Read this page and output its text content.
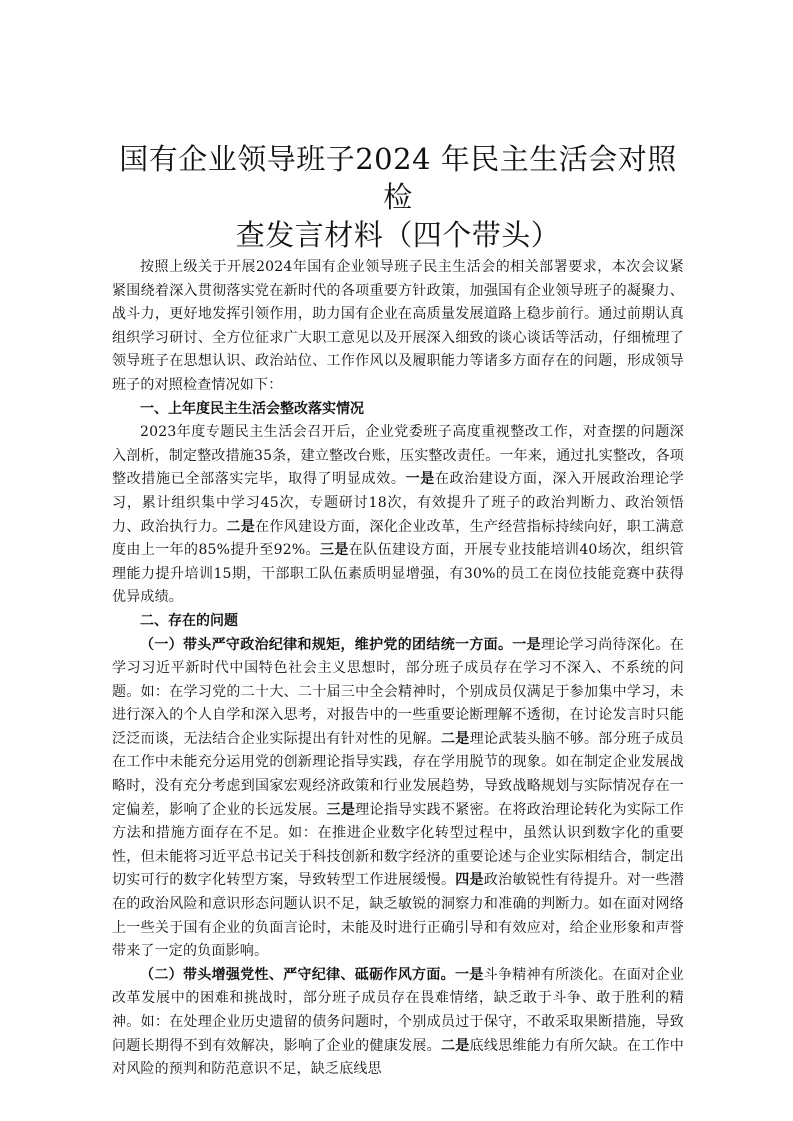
国有企业领导班子2024 年民主生活会对照检
查发言材料（四个带头）

按照上级关于开展2024年国有企业领导班子民主生活会的相关部署要求，本次会议紧紧围绕着深入贯彻落实党在新时代的各项重要方针政策，加强国有企业领导班子的凝聚力、战斗力，更好地发挥引领作用，助力国有企业在高质量发展道路上稳步前行。通过前期认真组织学习研讨、全方位征求广大职工意见以及开展深入细致的谈心谈话等活动，仔细梳理了领导班子在思想认识、政治站位、工作作风以及履职能力等诸多方面存在的问题，形成领导班子的对照检查情况如下：

一、上年度民主生活会整改落实情况

2023年度专题民主生活会召开后，企业党委班子高度重视整改工作，对查摆的问题深入剖析，制定整改措施35条，建立整改台账，压实整改责任。一年来，通过扎实整改，各项整改措施已全部落实完毕，取得了明显成效。一是在政治建设方面，深入开展政治理论学习，累计组织集中学习45次，专题研讨18次，有效提升了班子的政治判断力、政治领悟力、政治执行力。二是在作风建设方面，深化企业改革，生产经营指标持续向好，职工满意度由上一年的85%提升至92%。三是在队伍建设方面，开展专业技能培训40场次，组织管理能力提升培训15期，干部职工队伍素质明显增强，有30%的员工在岗位技能竞赛中获得优异成绩。

二、存在的问题

（一）带头严守政治纪律和规矩，维护党的团结统一方面。一是理论学习尚待深化。在学习习近平新时代中国特色社会主义思想时，部分班子成员存在学习不深入、不系统的问题。如：在学习党的二十大、二十届三中全会精神时，个别成员仅满足于参加集中学习，未进行深入的个人自学和深入思考，对报告中的一些重要论断理解不透彻，在讨论发言时只能泛泛而谈，无法结合企业实际提出有针对性的见解。二是理论武装头脑不够。部分班子成员在工作中未能充分运用党的创新理论指导实践，存在学用脱节的现象。如在制定企业发展战略时，没有充分考虑到国家宏观经济政策和行业发展趋势，导致战略规划与实际情况存在一定偏差，影响了企业的长远发展。三是理论指导实践不紧密。在将政治理论转化为实际工作方法和措施方面存在不足。如：在推进企业数字化转型过程中，虽然认识到数字化的重要性，但未能将习近平总书记关于科技创新和数字经济的重要论述与企业实际相结合，制定出切实可行的数字化转型方案，导致转型工作进展缓慢。四是政治敏锐性有待提升。对一些潜在的政治风险和意识形态问题认识不足，缺乏敏锐的洞察力和准确的判断力。如在面对网络上一些关于国有企业的负面言论时，未能及时进行正确引导和有效应对，给企业形象和声誉带来了一定的负面影响。

（二）带头增强党性、严守纪律、砥砺作风方面。一是斗争精神有所淡化。在面对企业改革发展中的困难和挑战时，部分班子成员存在畏难情绪，缺乏敢于斗争、敢于胜利的精神。如：在处理企业历史遗留的债务问题时，个别成员过于保守，不敢采取果断措施，导致问题长期得不到有效解决，影响了企业的健康发展。二是底线思维能力有所欠缺。在工作中对风险的预判和防范意识不足，缺乏底线思
